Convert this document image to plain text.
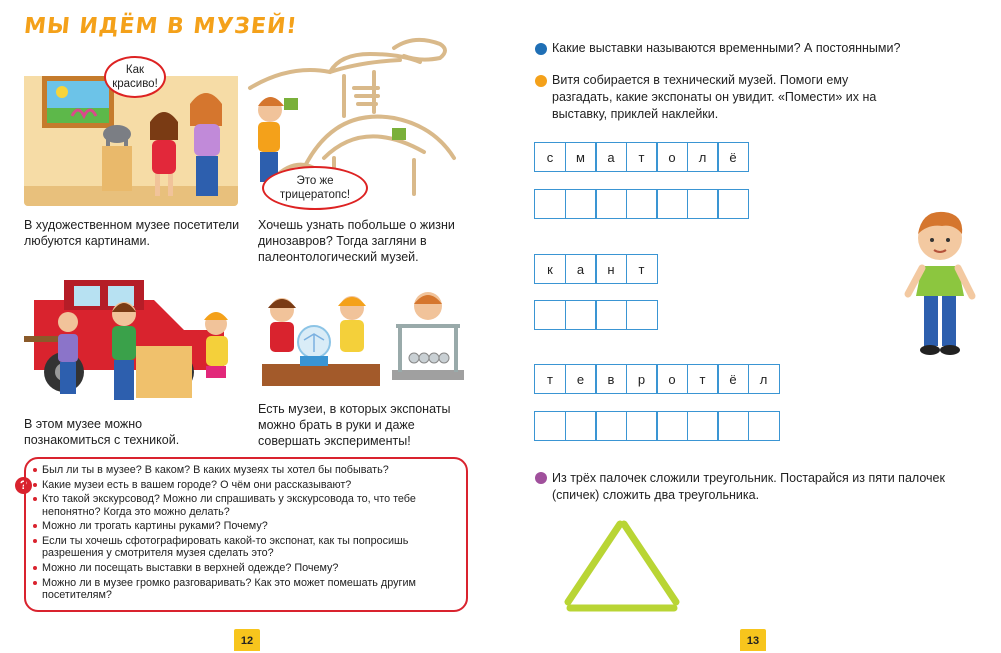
МЫ ИДЁМ В МУЗЕЙ!
Как красиво!
Это же трицератопс!
В художественном музее посетители любуются картинами.
Хочешь узнать побольше о жизни динозавров? Тогда загляни в палеонтологический музей.
В этом музее можно познакомиться с техникой.
Есть музеи, в которых экспонаты можно брать в руки и даже совершать эксперименты!
?
Был ли ты в музее? В каком? В каких музеях ты хотел бы побывать?
Какие музеи есть в вашем городе? О чём они рассказывают?
Кто такой экскурсовод? Можно ли спрашивать у экскурсовода то, что тебе непонятно? Когда это можно делать?
Можно ли трогать картины руками? Почему?
Если ты хочешь сфотографировать какой-то экспонат, как ты попросишь разрешения у смотрителя музея сделать это?
Можно ли посещать выставки в верхней одежде? Почему?
Можно ли в музее громко разговаривать? Как это может помешать другим посетителям?
12
Какие выставки называются временными? А постоянными?
Витя собирается в технический музей. Помоги ему разгадать, какие экспонаты он увидит. «Помести» их на выставку, приклей наклейки.
с	м	а	т	о	л	ё
к	а	н	т
т	е	в	р	о	т	ё	л
Из трёх палочек сложили треугольник. Постарайся из пяти палочек (спичек) сложить два треугольника.
13
